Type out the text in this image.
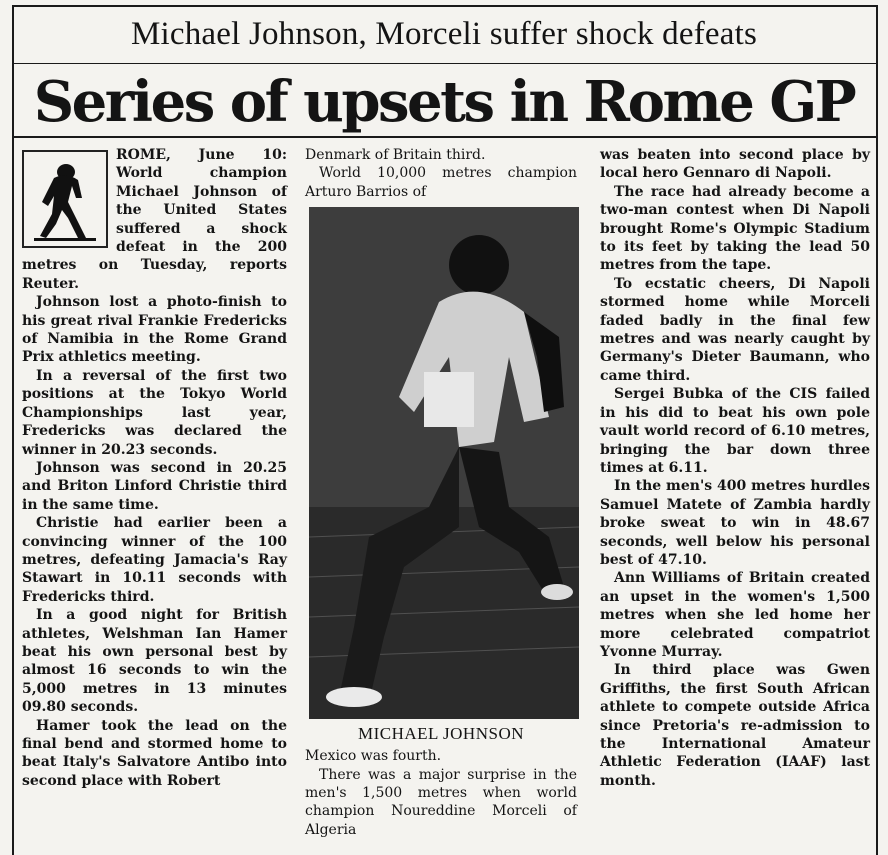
Michael Johnson, Morceli suffer shock defeats
Series of upsets in Rome GP

ROME, June 10: World champion Michael Johnson of the United States suffered a shock defeat in the 200 metres on Tuesday, reports Reuter.

Johnson lost a photo-finish to his great rival Frankie Fredericks of Namibia in the Rome Grand Prix athletics meeting.

In a reversal of the first two positions at the Tokyo World Championships last year, Fredericks was declared the winner in 20.23 seconds.

Johnson was second in 20.25 and Briton Linford Christie third in the same time.

Christie had earlier been a convincing winner of the 100 metres, defeating Jamacia's Ray Stawart in 10.11 seconds with Fredericks third.

In a good night for British athletes, Welshman Ian Hamer beat his own personal best by almost 16 seconds to win the 5,000 metres in 13 minutes 09.80 seconds.

Hamer took the lead on the final bend and stormed home to beat Italy's Salvatore Antibo into second place with Robert

Denmark of Britain third.

World 10,000 metres champion Arturo Barrios of

MICHAEL JOHNSON

Mexico was fourth.

There was a major surprise in the men's 1,500 metres when world champion Noureddine Morceli of Algeria

was beaten into second place by local hero Gennaro di Napoli.

The race had already become a two-man contest when Di Napoli brought Rome's Olympic Stadium to its feet by taking the lead 50 metres from the tape.

To ecstatic cheers, Di Napoli stormed home while Morceli faded badly in the final few metres and was nearly caught by Germany's Dieter Baumann, who came third.

Sergei Bubka of the CIS failed in his did to beat his own pole vault world record of 6.10 metres, bringing the bar down three times at 6.11.

In the men's 400 metres hurdles Samuel Matete of Zambia hardly broke sweat to win in 48.67 seconds, well below his personal best of 47.10.

Ann Williams of Britain created an upset in the women's 1,500 metres when she led home her more celebrated compatriot Yvonne Murray.

In third place was Gwen Griffiths, the first South African athlete to compete outside Africa since Pretoria's re-admission to the International Amateur Athletic Federation (IAAF) last month.
